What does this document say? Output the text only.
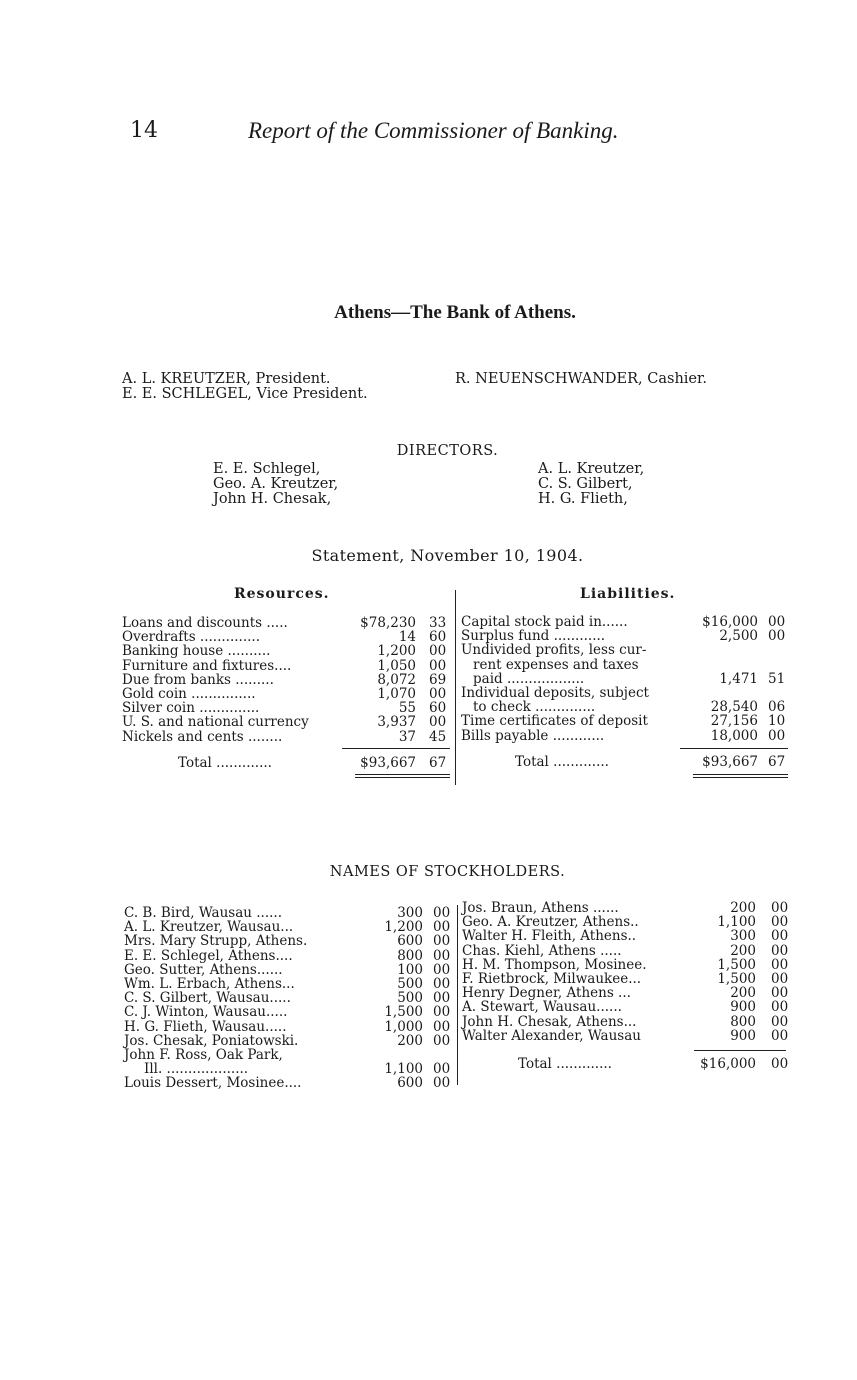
14	Report of the Commissioner of Banking.
Athens—The Bank of Athens.
A. L. KREUTZER, President.
E. E. SCHLEGEL, Vice President.
R. NEUENSCHWANDER, Cashier.
DIRECTORS.
E. E. Schlegel,
Geo. A. Kreutzer,
John H. Chesak,
A. L. Kreutzer,
C. S. Gilbert,
H. G. Flieth,
Statement, November 10, 1904.
Resources.	Liabilities.
Loans and discounts .....	$78,230 33
Overdrafts ..............	14 60
Banking house ..........	1,200 00
Furniture and fixtures....	1,050 00
Due from banks .........	8,072 69
Gold coin ...............	1,070 00
Silver coin ..............	55 60
U. S. and national currency	3,937 00
Nickels and cents ........	37 45
Total .............	$93,667 67
Capital stock paid in......	$16,000 00
Surplus fund ............	2,500 00
Undivided profits, less cur-
rent expenses and taxes
paid ..................	1,471 51
Individual deposits, subject
to check ..............	28,540 06
Time certificates of deposit	27,156 10
Bills payable ............	18,000 00
Total .............	$93,667 67
NAMES OF STOCKHOLDERS.
C. B. Bird, Wausau ......	300 00
A. L. Kreutzer, Wausau...	1,200 00
Mrs. Mary Strupp, Athens.	600 00
E. E. Schlegel, Athens....	800 00
Geo. Sutter, Athens......	100 00
Wm. L. Erbach, Athens...	500 00
C. S. Gilbert, Wausau.....	500 00
C. J. Winton, Wausau.....	1,500 00
H. G. Flieth, Wausau.....	1,000 00
Jos. Chesak, Poniatowski.	200 00
John F. Ross, Oak Park,
Ill. ...................	1,100 00
Louis Dessert, Mosinee....	600 00
Jos. Braun, Athens ......	200 00
Geo. A. Kreutzer, Athens..	1,100 00
Walter H. Fleith, Athens..	300 00
Chas. Kiehl, Athens .....	200 00
H. M. Thompson, Mosinee.	1,500 00
F. Rietbrock, Milwaukee...	1,500 00
Henry Degner, Athens ...	200 00
A. Stewart, Wausau......	900 00
John H. Chesak, Athens...	800 00
Walter Alexander, Wausau	900 00
Total .............	$16,000 00
